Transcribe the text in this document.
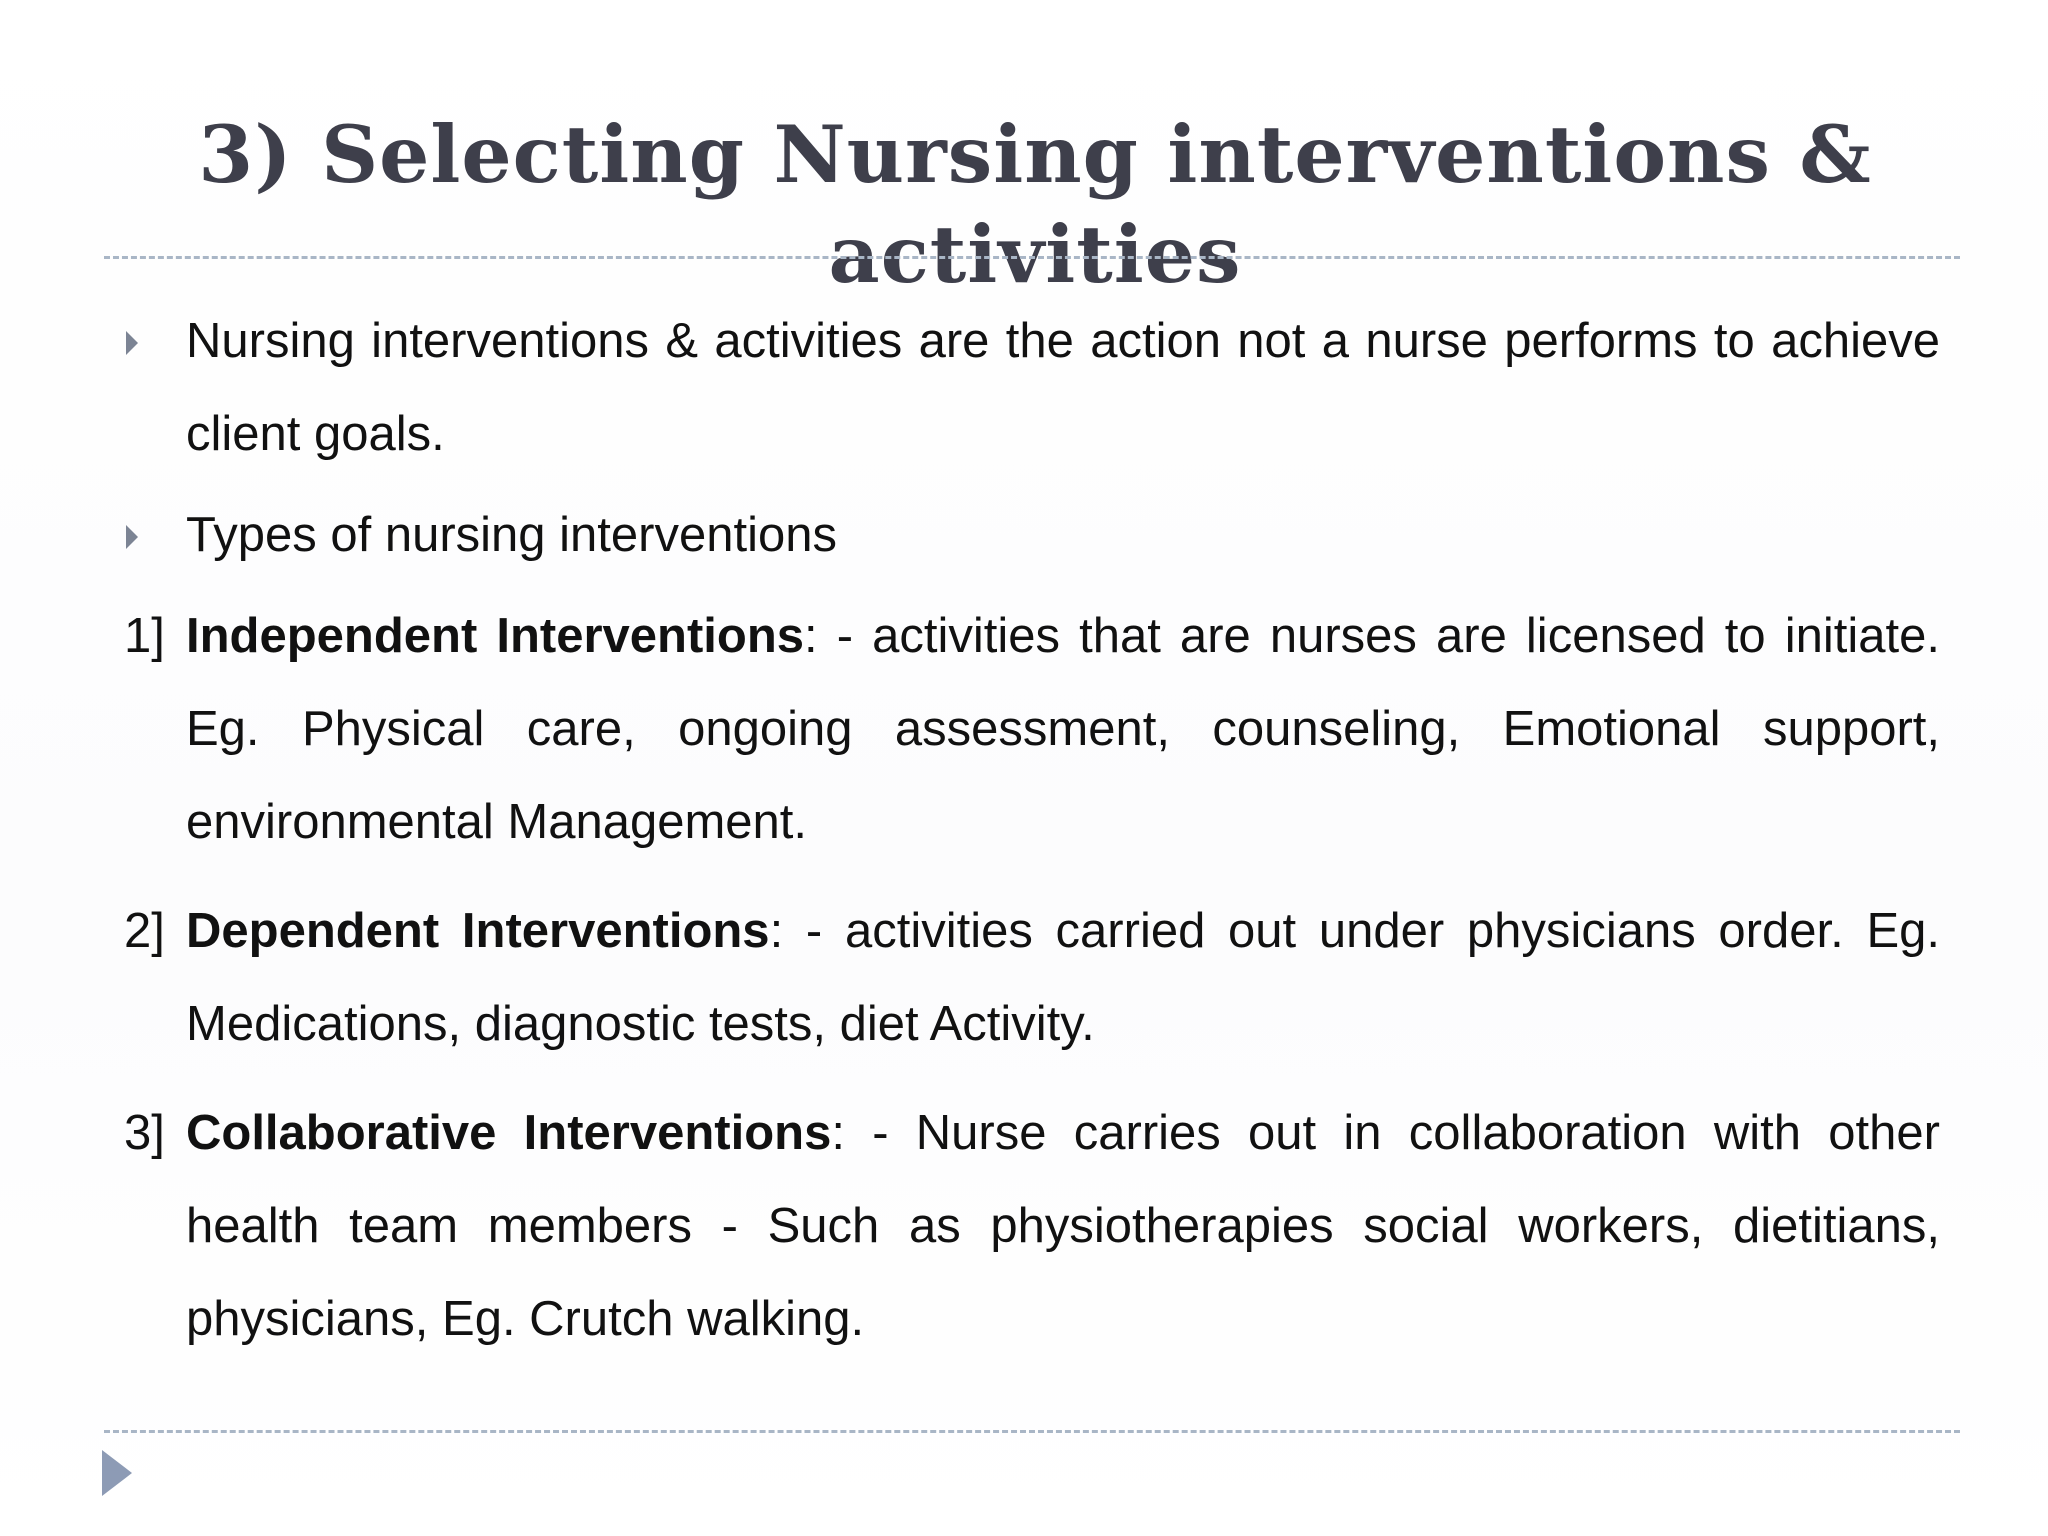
3) Selecting Nursing interventions &
activities
Nursing interventions & activities are the action not a nurse performs to achieve client goals.
Types of nursing interventions
1] Independent Interventions: - activities that are nurses are licensed to initiate. Eg. Physical care, ongoing assessment, counseling, Emotional support, environmental Management.
2] Dependent Interventions: - activities carried out under physicians order. Eg. Medications, diagnostic tests, diet Activity.
3] Collaborative Interventions: - Nurse carries out in collaboration with other health team members - Such as physiotherapies social workers, dietitians, physicians, Eg. Crutch walking.
